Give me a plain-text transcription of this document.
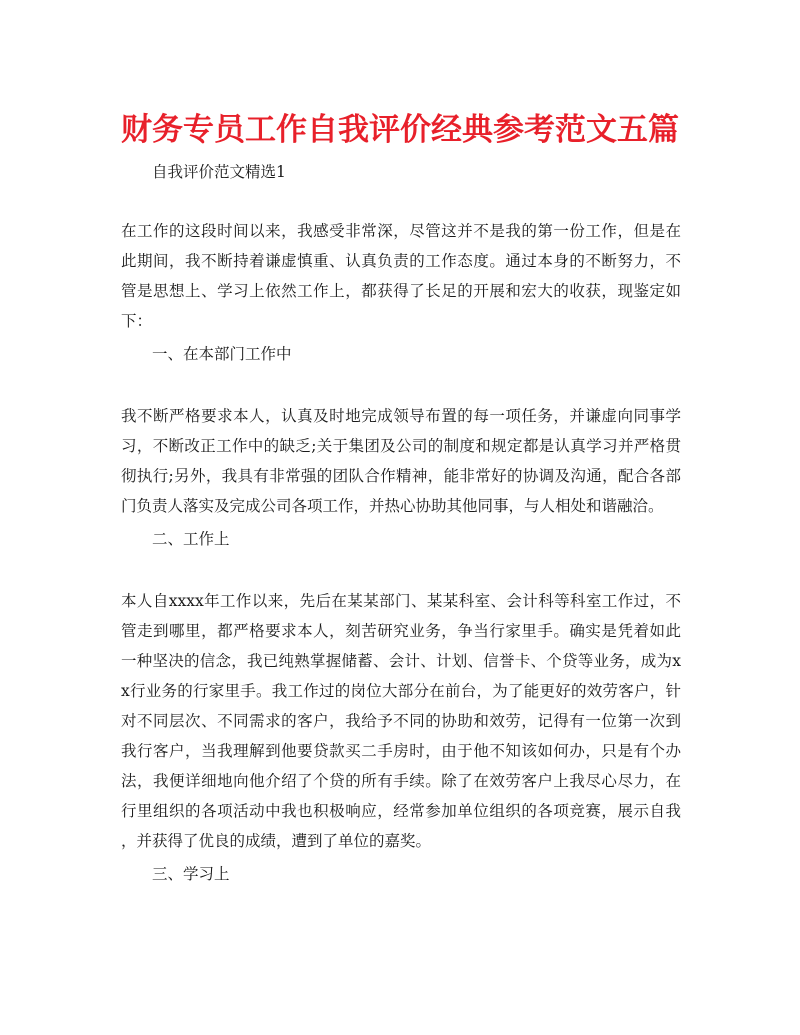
财务专员工作自我评价经典参考范文五篇

自我评价范文精选1

在工作的这段时间以来，我感受非常深，尽管这并不是我的第一份工作，但是在
此期间，我不断持着谦虚慎重、认真负责的工作态度。通过本身的不断努力，不
管是思想上、学习上依然工作上，都获得了长足的开展和宏大的收获，现鉴定如
下：

一、在本部门工作中

我不断严格要求本人，认真及时地完成领导布置的每一项任务，并谦虚向同事学
习，不断改正工作中的缺乏;关于集团及公司的制度和规定都是认真学习并严格贯
彻执行;另外，我具有非常强的团队合作精神，能非常好的协调及沟通，配合各部
门负责人落实及完成公司各项工作，并热心协助其他同事，与人相处和谐融洽。

二、工作上

本人自xxxx年工作以来，先后在某某部门、某某科室、会计科等科室工作过，不
管走到哪里，都严格要求本人，刻苦研究业务，争当行家里手。确实是凭着如此
一种坚决的信念，我已纯熟掌握储蓄、会计、计划、信誉卡、个贷等业务，成为x
x行业务的行家里手。我工作过的岗位大部分在前台，为了能更好的效劳客户，针
对不同层次、不同需求的客户，我给予不同的协助和效劳，记得有一位第一次到
我行客户，当我理解到他要贷款买二手房时，由于他不知该如何办，只是有个办
法，我便详细地向他介绍了个贷的所有手续。除了在效劳客户上我尽心尽力，在
行里组织的各项活动中我也积极响应，经常参加单位组织的各项竞赛，展示自我
，并获得了优良的成绩，遭到了单位的嘉奖。

三、学习上
